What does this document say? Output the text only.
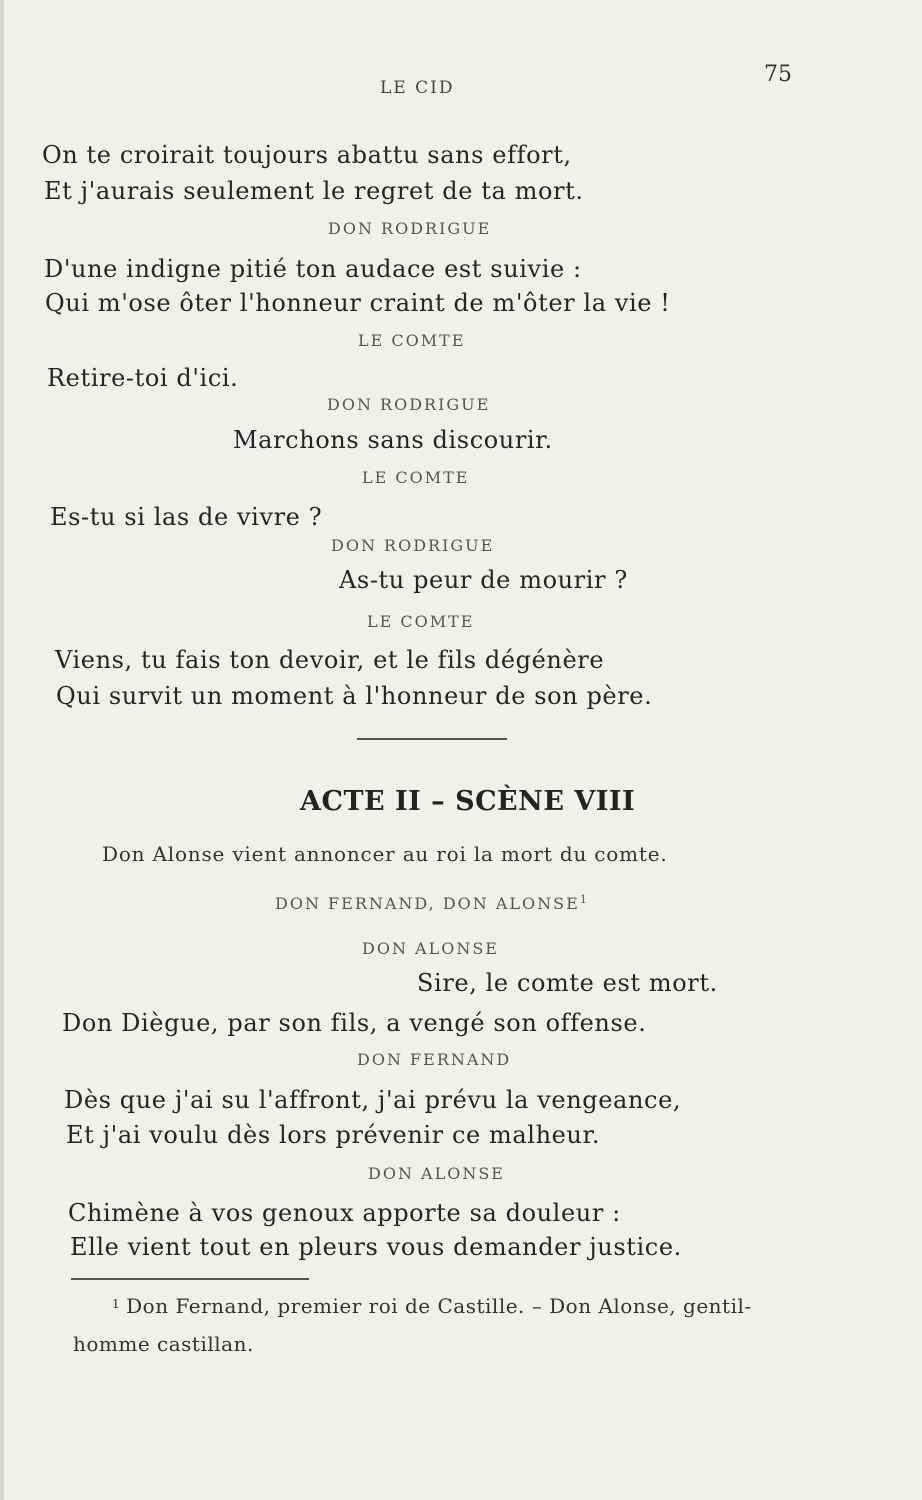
LE CID
75
On te croirait toujours abattu sans effort,
Et j'aurais seulement le regret de ta mort.
DON RODRIGUE
D'une indigne pitié ton audace est suivie :
Qui m'ose ôter l'honneur craint de m'ôter la vie !
LE COMTE
Retire-toi d'ici.
DON RODRIGUE
Marchons sans discourir.
LE COMTE
Es-tu si las de vivre ?
DON RODRIGUE
As-tu peur de mourir ?
LE COMTE
Viens, tu fais ton devoir, et le fils dégénère
Qui survit un moment à l'honneur de son père.
ACTE II – SCÈNE VIII
Don Alonse vient annoncer au roi la mort du comte.
DON FERNAND, DON ALONSE$^1$
DON ALONSE
Sire, le comte est mort.
Don Diègue, par son fils, a vengé son offense.
DON FERNAND
Dès que j'ai su l'affront, j'ai prévu la vengeance,
Et j'ai voulu dès lors prévenir ce malheur.
DON ALONSE
Chimène à vos genoux apporte sa douleur :
Elle vient tout en pleurs vous demander justice.
$^1$ Don Fernand, premier roi de Castille. – Don Alonse, gentil-
homme castillan.
